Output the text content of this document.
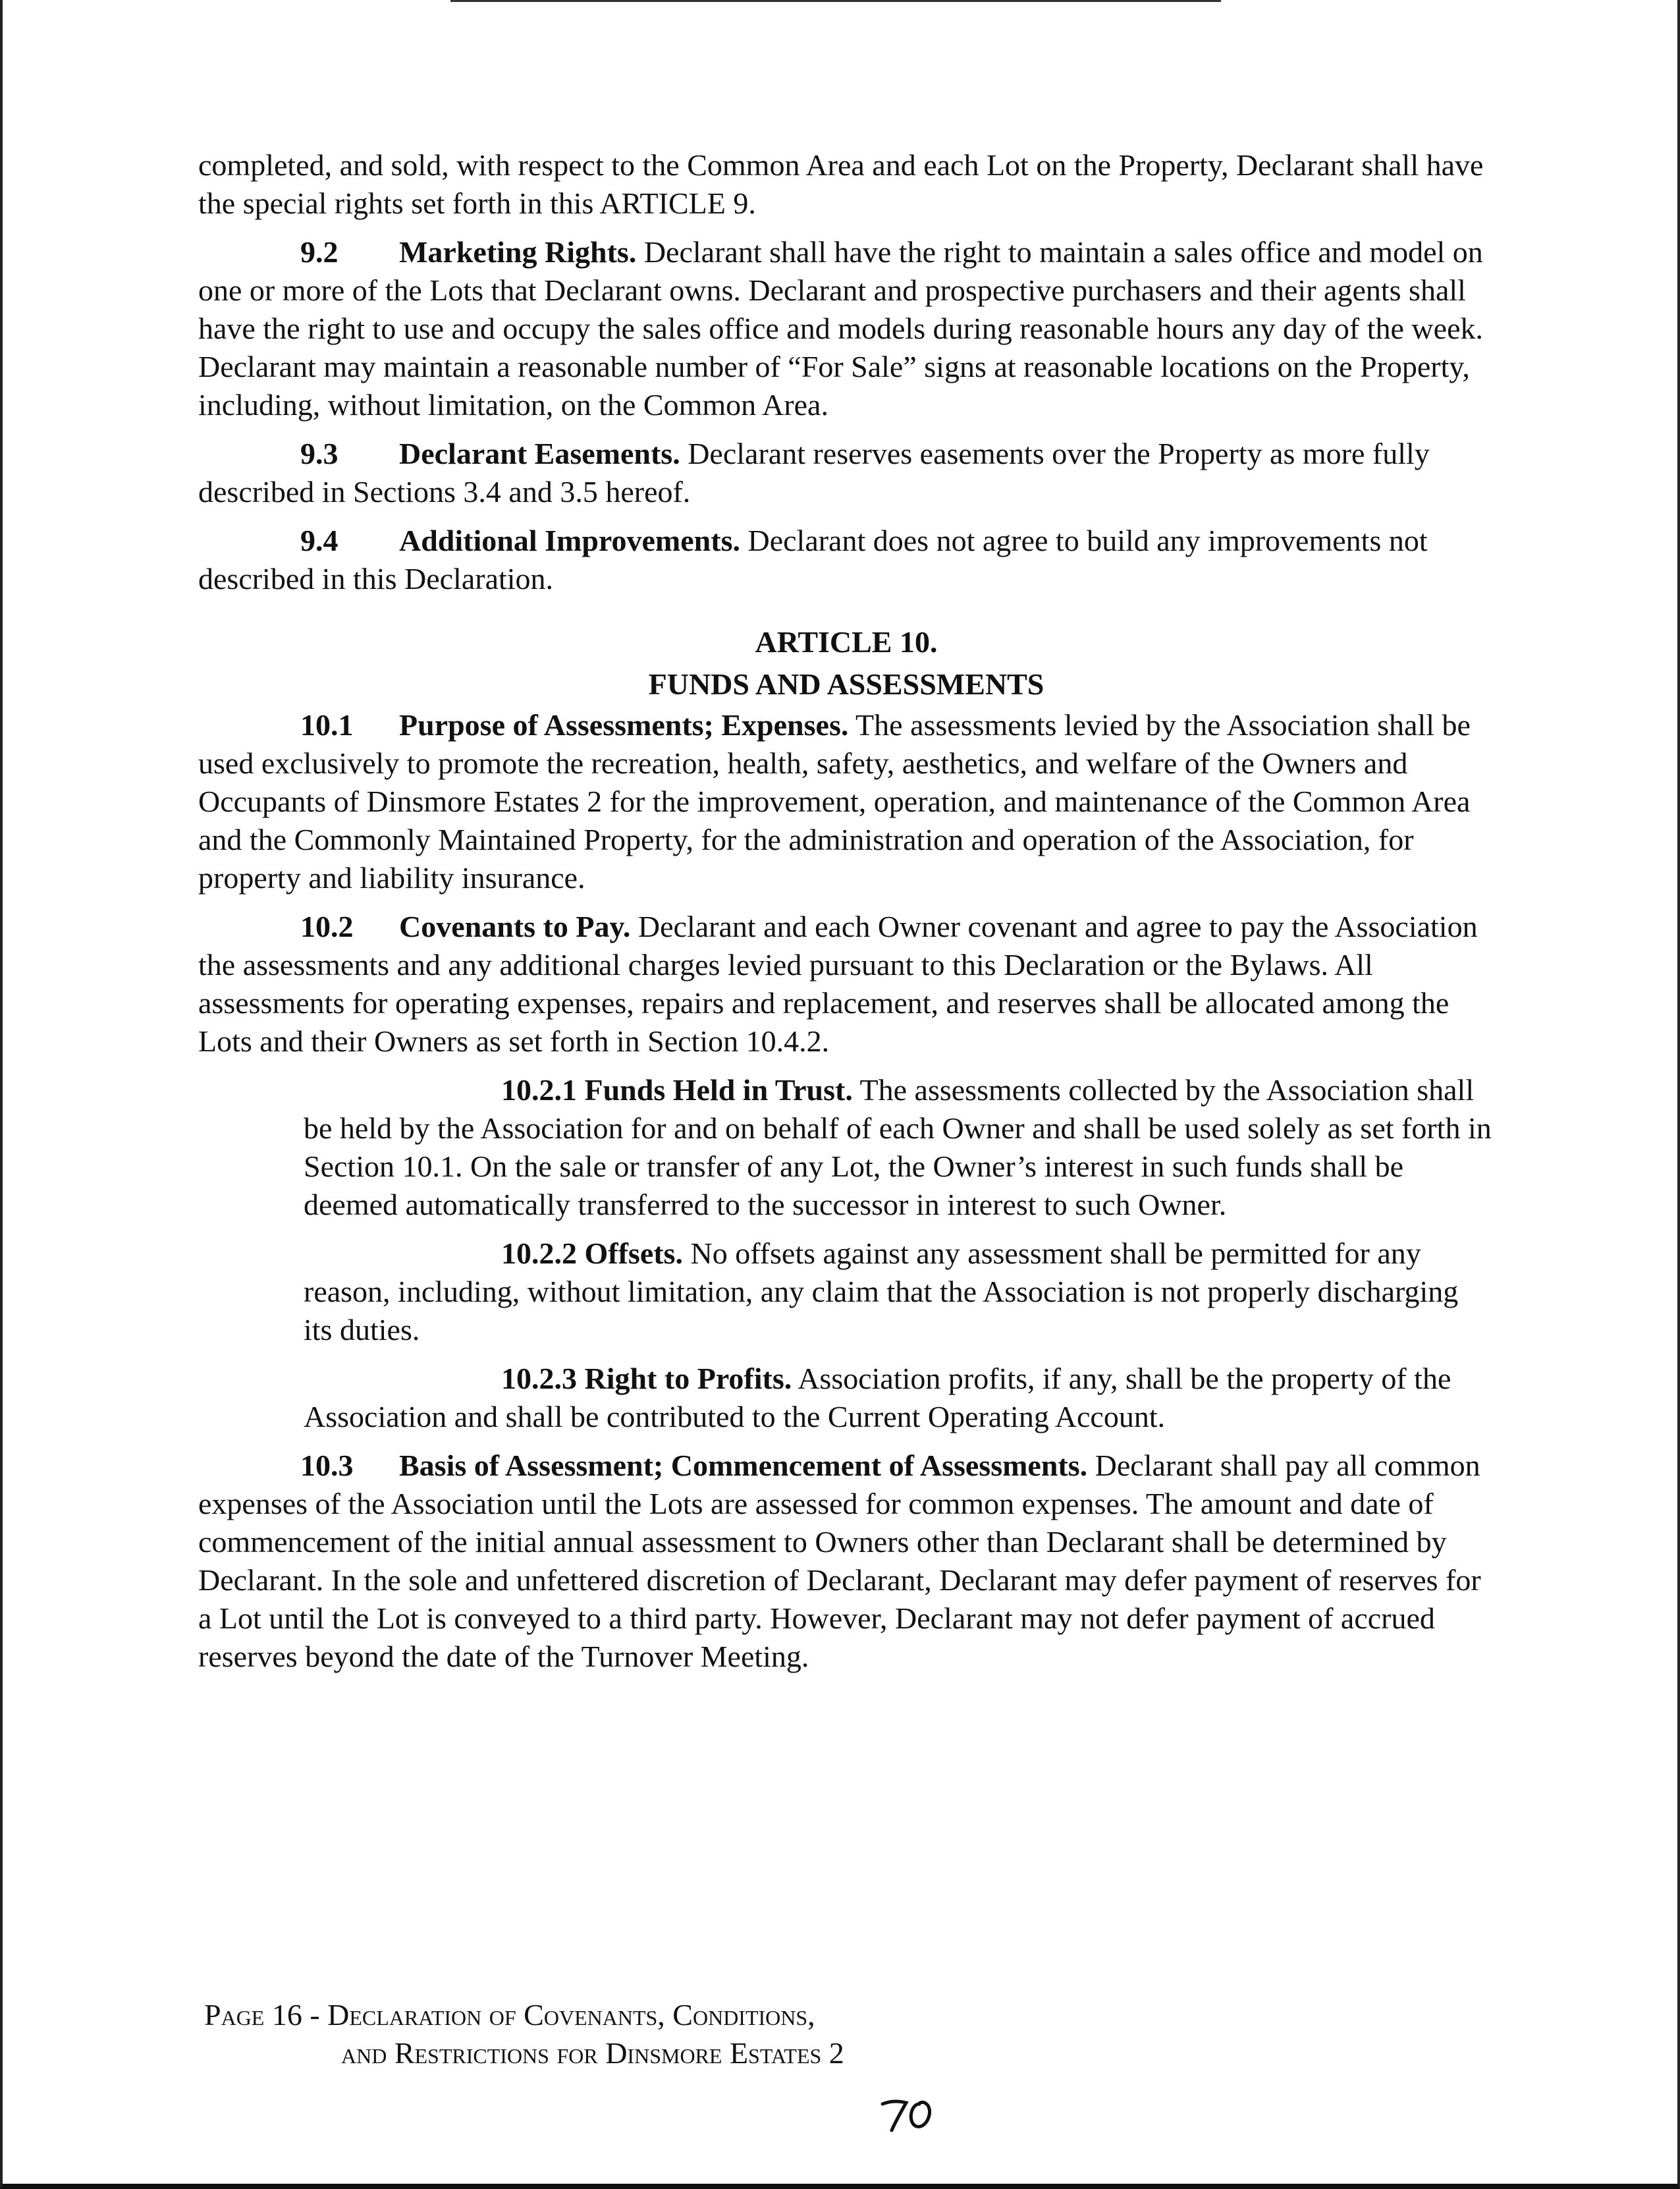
completed, and sold, with respect to the Common Area and each Lot on the Property, Declarant shall have the special rights set forth in this ARTICLE 9.

9.2 Marketing Rights. Declarant shall have the right to maintain a sales office and model on one or more of the Lots that Declarant owns. Declarant and prospective purchasers and their agents shall have the right to use and occupy the sales office and models during reasonable hours any day of the week. Declarant may maintain a reasonable number of “For Sale” signs at reasonable locations on the Property, including, without limitation, on the Common Area.

9.3 Declarant Easements. Declarant reserves easements over the Property as more fully described in Sections 3.4 and 3.5 hereof.

9.4 Additional Improvements. Declarant does not agree to build any improvements not described in this Declaration.

ARTICLE 10.

FUNDS AND ASSESSMENTS

10.1 Purpose of Assessments; Expenses. The assessments levied by the Association shall be used exclusively to promote the recreation, health, safety, aesthetics, and welfare of the Owners and Occupants of Dinsmore Estates 2 for the improvement, operation, and maintenance of the Common Area and the Commonly Maintained Property, for the administration and operation of the Association, for property and liability insurance.

10.2 Covenants to Pay. Declarant and each Owner covenant and agree to pay the Association the assessments and any additional charges levied pursuant to this Declaration or the Bylaws. All assessments for operating expenses, repairs and replacement, and reserves shall be allocated among the Lots and their Owners as set forth in Section 10.4.2.

10.2.1 Funds Held in Trust. The assessments collected by the Association shall be held by the Association for and on behalf of each Owner and shall be used solely as set forth in Section 10.1. On the sale or transfer of any Lot, the Owner’s interest in such funds shall be deemed automatically transferred to the successor in interest to such Owner.

10.2.2 Offsets. No offsets against any assessment shall be permitted for any reason, including, without limitation, any claim that the Association is not properly discharging its duties.

10.2.3 Right to Profits. Association profits, if any, shall be the property of the Association and shall be contributed to the Current Operating Account.

10.3 Basis of Assessment; Commencement of Assessments. Declarant shall pay all common expenses of the Association until the Lots are assessed for common expenses. The amount and date of commencement of the initial annual assessment to Owners other than Declarant shall be determined by Declarant. In the sole and unfettered discretion of Declarant, Declarant may defer payment of reserves for a Lot until the Lot is conveyed to a third party. However, Declarant may not defer payment of accrued reserves beyond the date of the Turnover Meeting.

Page 16 - Declaration of Covenants, Conditions,
and Restrictions for Dinsmore Estates 2
